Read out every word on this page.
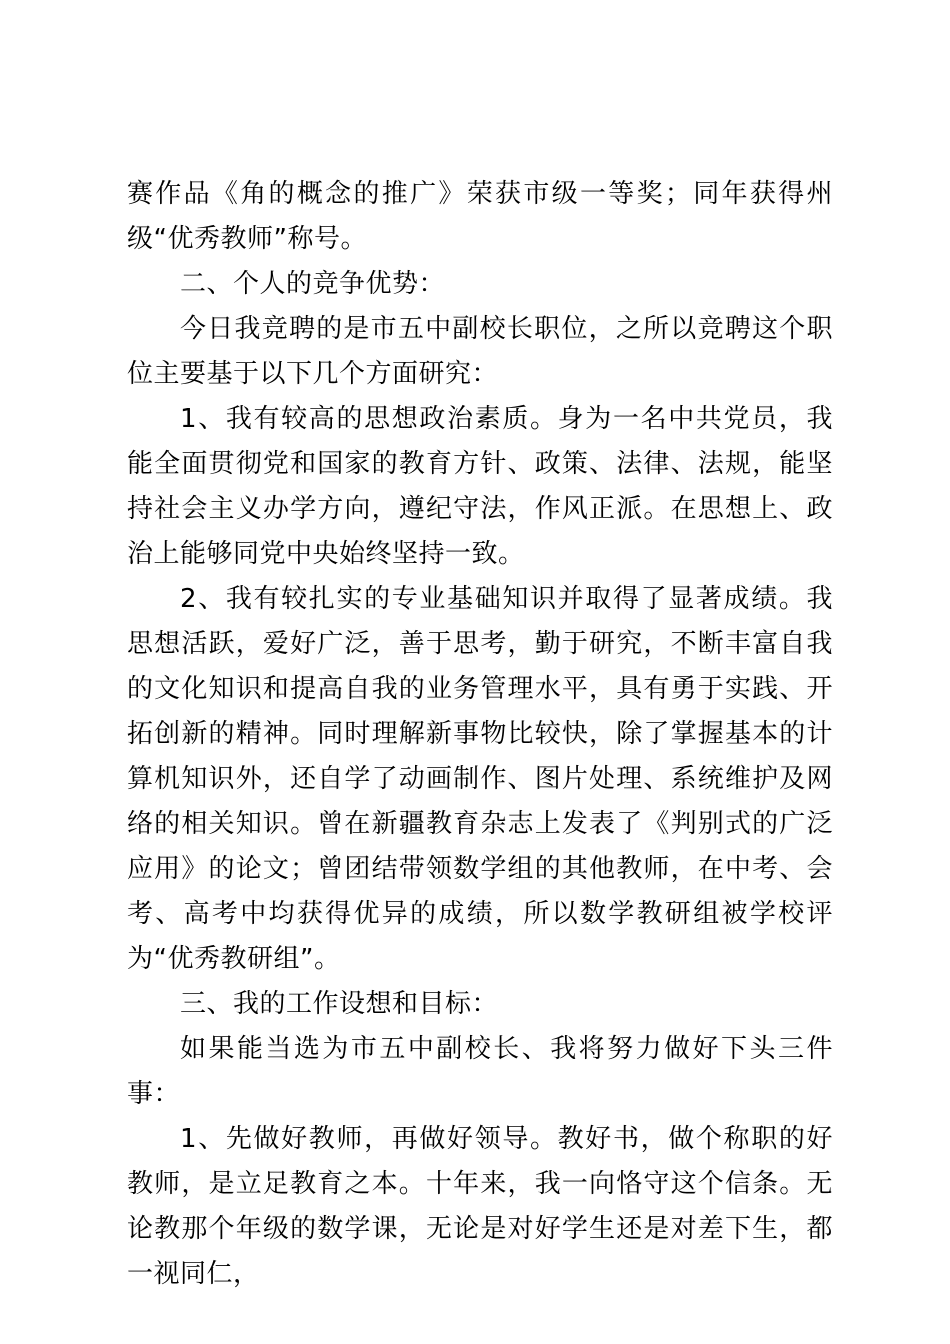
赛作品《角的概念的推广》荣获市级一等奖；同年获得州级“优秀教师”称号。

二、个人的竞争优势：

今日我竞聘的是市五中副校长职位，之所以竞聘这个职位主要基于以下几个方面研究：

1、我有较高的思想政治素质。身为一名中共党员，我能全面贯彻党和国家的教育方针、政策、法律、法规，能坚持社会主义办学方向，遵纪守法，作风正派。在思想上、政治上能够同党中央始终坚持一致。

2、我有较扎实的专业基础知识并取得了显著成绩。我思想活跃，爱好广泛，善于思考，勤于研究，不断丰富自我的文化知识和提高自我的业务管理水平，具有勇于实践、开拓创新的精神。同时理解新事物比较快，除了掌握基本的计算机知识外，还自学了动画制作、图片处理、系统维护及网络的相关知识。曾在新疆教育杂志上发表了《判别式的广泛应用》的论文；曾团结带领数学组的其他教师，在中考、会考、高考中均获得优异的成绩，所以数学教研组被学校评为“优秀教研组”。

三、我的工作设想和目标：

如果能当选为市五中副校长、我将努力做好下头三件事：

1、先做好教师，再做好领导。教好书，做个称职的好教师，是立足教育之本。十年来，我一向恪守这个信条。无论教那个年级的数学课，无论是对好学生还是对差下生，都一视同仁，
